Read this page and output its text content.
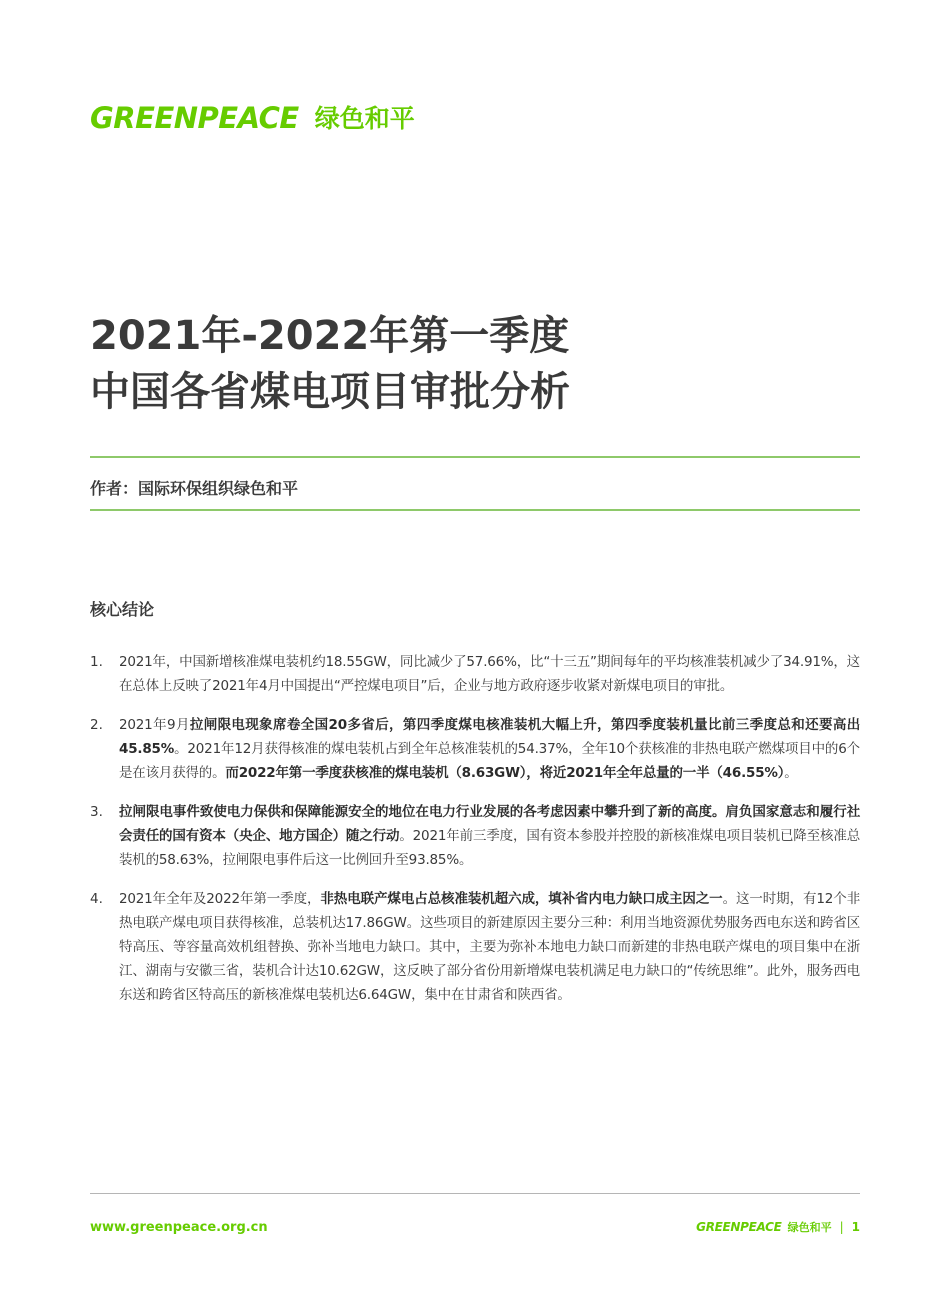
GREENPEACE 绿色和平
2021年-2022年第一季度
中国各省煤电项目审批分析
作者：国际环保组织绿色和平
核心结论
1.	2021年，中国新增核准煤电装机约18.55GW，同比减少了57.66%，比“十三五”期间每年的平均核准装机减少了34.91%，这在总体上反映了2021年4月中国提出“严控煤电项目”后，企业与地方政府逐步收紧对新煤电项目的审批。
2.	2021年9月拉闸限电现象席卷全国20多省后，第四季度煤电核准装机大幅上升，第四季度装机量比前三季度总和还要高出45.85%。2021年12月获得核准的煤电装机占到全年总核准装机的54.37%，全年10个获核准的非热电联产燃煤项目中的6个是在该月获得的。而2022年第一季度获核准的煤电装机（8.63GW），将近2021年全年总量的一半（46.55%）。
3.	拉闸限电事件致使电力保供和保障能源安全的地位在电力行业发展的各考虑因素中攀升到了新的高度。肩负国家意志和履行社会责任的国有资本（央企、地方国企）随之行动。2021年前三季度，国有资本参股并控股的新核准煤电项目装机已降至核准总装机的58.63%，拉闸限电事件后这一比例回升至93.85%。
4.	2021年全年及2022年第一季度，非热电联产煤电占总核准装机超六成，填补省内电力缺口成主因之一。这一时期，有12个非热电联产煤电项目获得核准，总装机达17.86GW。这些项目的新建原因主要分三种：利用当地资源优势服务西电东送和跨省区特高压、等容量高效机组替换、弥补当地电力缺口。其中，主要为弥补本地电力缺口而新建的非热电联产煤电的项目集中在浙江、湖南与安徽三省，装机合计达10.62GW，这反映了部分省份用新增煤电装机满足电力缺口的“传统思维”。此外，服务西电东送和跨省区特高压的新核准煤电装机达6.64GW，集中在甘肃省和陕西省。
www.greenpeace.org.cn	GREENPEACE 绿色和平 | 1
